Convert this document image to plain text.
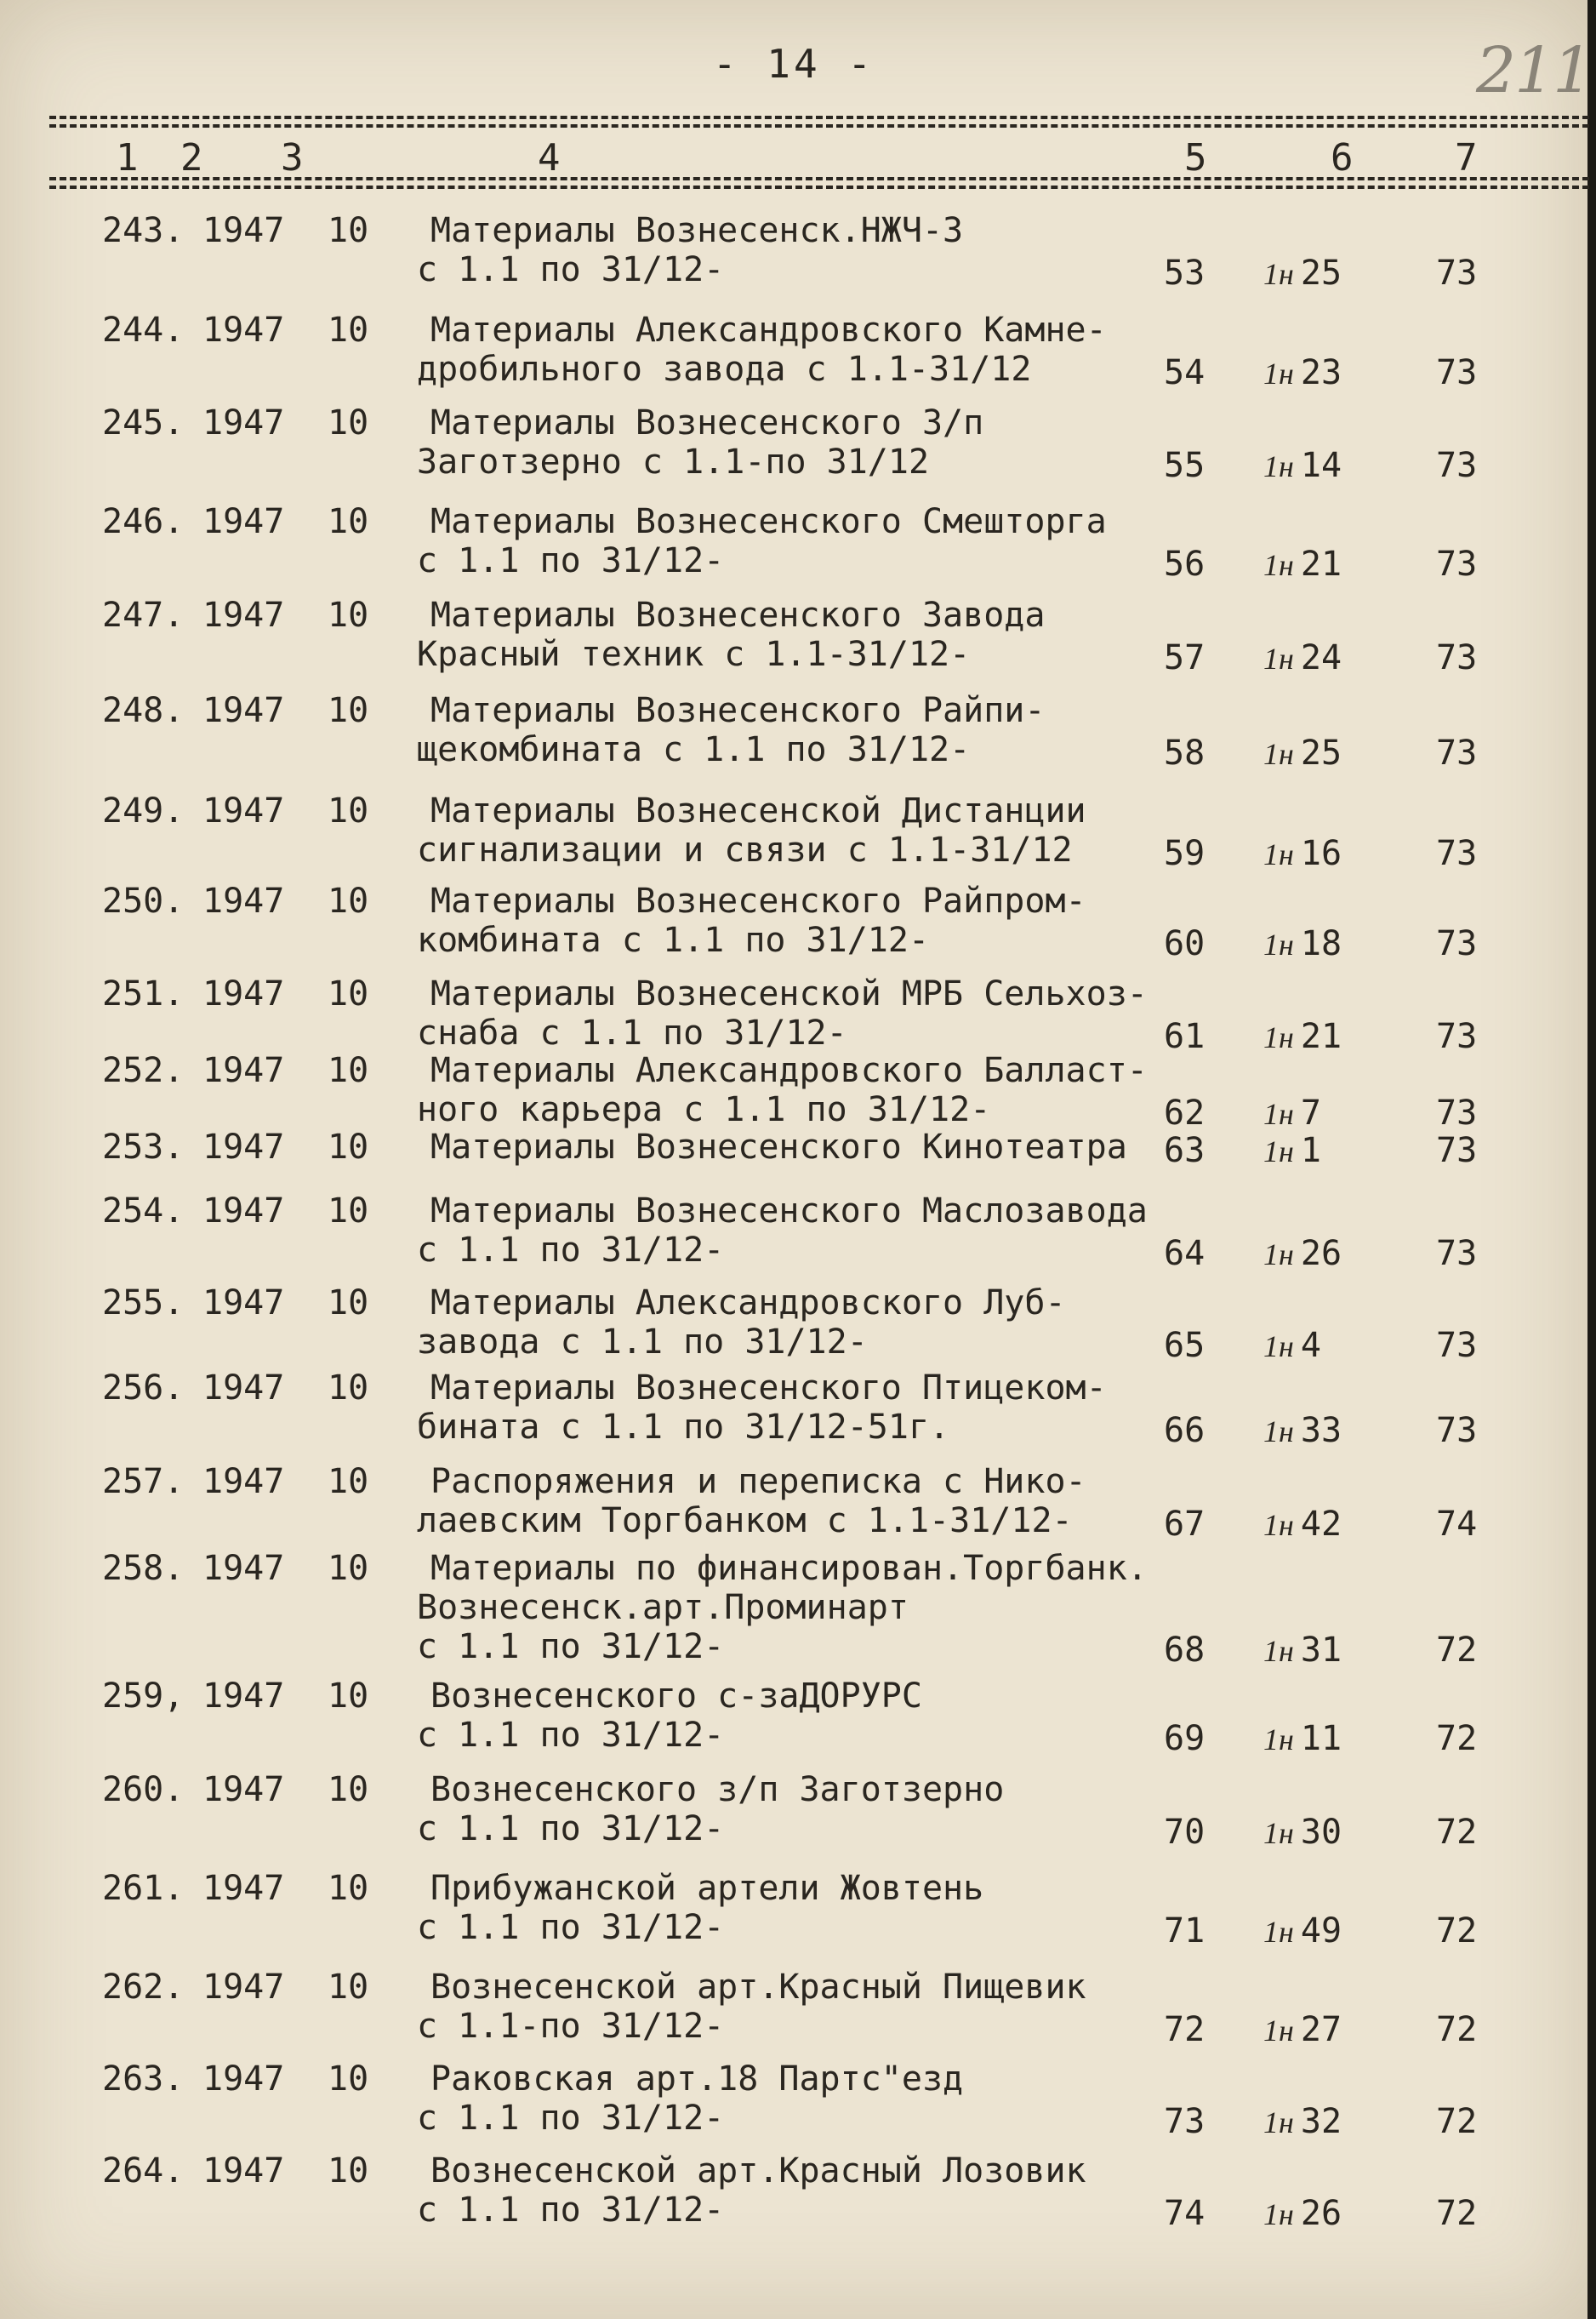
- 14 -	211
1 2 3	4	5	6	7
243. 1947 10	Материалы Вознесенск.НЖЧ-3
с 1.1 по 31/12-	53 1н 25	73
244. 1947 10	Материалы Александровского Камне-
дробильного завода с 1.1-31/12	54 1н 23	73
245. 1947 10	Материалы Вознесенского З/п
Заготзерно с 1.1-по 31/12	55 1н 14	73
246. 1947 10	Материалы Вознесенского Смешторга
с 1.1 по 31/12-	56 1н 21	73
247. 1947 10	Материалы Вознесенского Завода
Красный техник с 1.1-31/12-	57 1н 24	73
248. 1947 10	Материалы Вознесенского Райпи-
щекомбината с 1.1 по 31/12-	58 1н 25	73
249. 1947 10	Материалы Вознесенской Дистанции
сигнализации и связи с 1.1-31/12	59 1н 16	73
250. 1947 10	Материалы Вознесенского Райпром-
комбината с 1.1 по 31/12-	60 1н 18	73
251. 1947 10	Материалы Вознесенской МРБ Сельхоз-
снаба с 1.1 по 31/12-	61 1н 21	73
252. 1947 10	Материалы Александровского Балласт-
ного карьера с 1.1 по 31/12-	62 1н 7	73
253. 1947 10	Материалы Вознесенского Кинотеатра 63 1н 1	73
254. 1947 10	Материалы Вознесенского Маслозавода
с 1.1 по 31/12-	64 1н 26	73
255. 1947 10	Материалы Александровского Луб-
завода с 1.1 по 31/12-	65 1н 4	73
256. 1947 10	Материалы Вознесенского Птицеком-
бината с 1.1 по 31/12-51г.	66 1н 33	73
257. 1947 10	Распоряжения и переписка с Нико-
лаевским Торгбанком с 1.1-31/12-	67 1н 42	74
258. 1947 10	Материалы по финансирован.Торгбанк.
Вознесенск.арт.Проминарт
с 1.1 по 31/12-	68 1н 31	72
259, 1947 10	Вознесенского с-заДОРУРС
с 1.1 по 31/12-	69 1н 11	72
260. 1947 10	Вознесенского з/п Заготзерно
с 1.1 по 31/12-	70 1н 30	72
261. 1947 10	Прибужанской артели Жовтень
с 1.1 по 31/12-	71 1н 49	72
262. 1947 10	Вознесенской арт.Красный Пищевик
с 1.1-по 31/12-	72 1н 27	72
263. 1947 10	Раковская арт.18 Партс"езд
с 1.1 по 31/12-	73 1н 32	72
264. 1947 10	Вознесенской арт.Красный Лозовик
с 1.1 по 31/12-	74 1н 26	72
